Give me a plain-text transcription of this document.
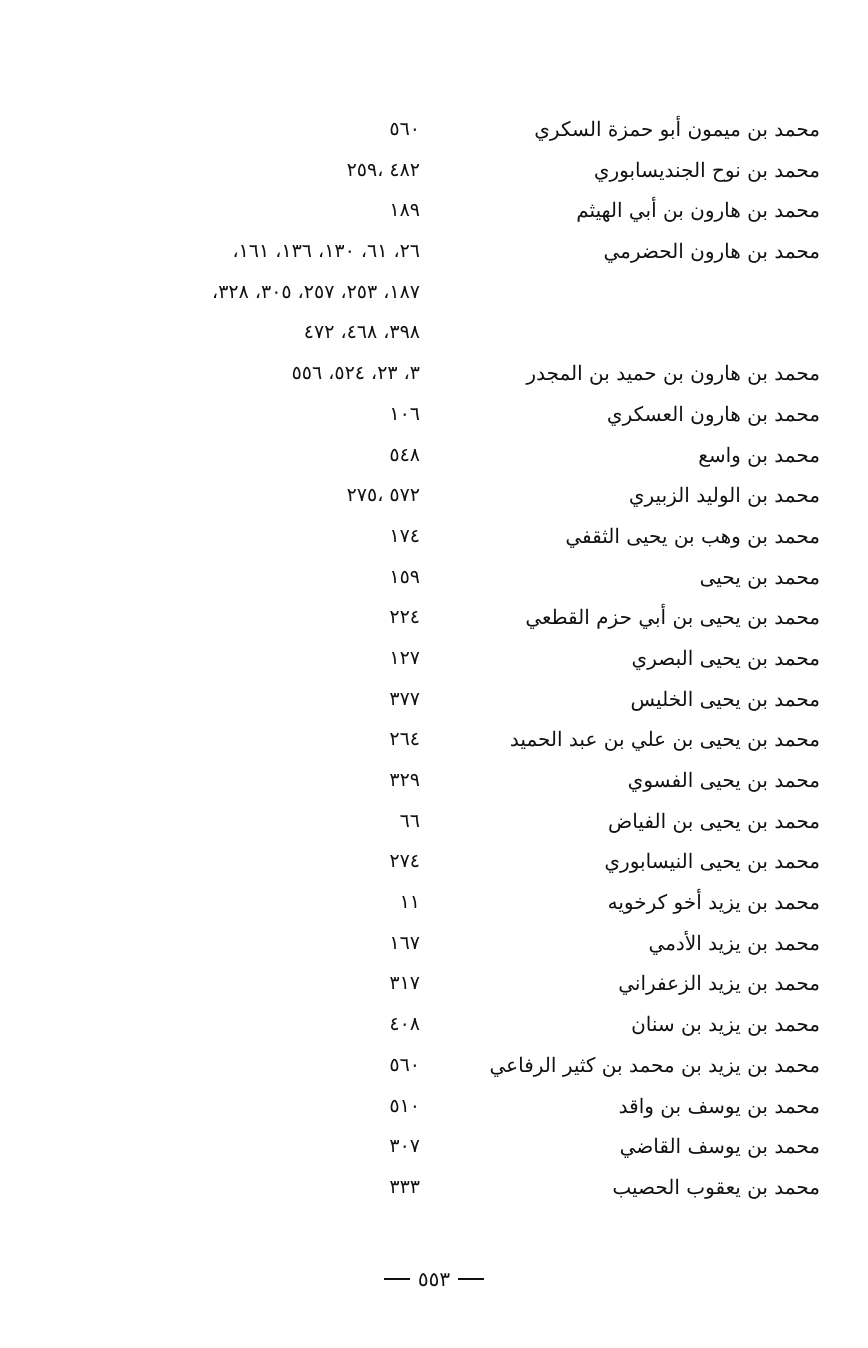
محمد بن ميمون أبو حمزة السكري
٥٦٠
محمد بن نوح الجنديسابوري
٤٨٢ ،٢٥٩
محمد بن هارون بن أبي الهيثم
١٨٩
محمد بن هارون الحضرمي
٢٦، ٦١، ١٣٠، ١٣٦، ١٦١،
١٨٧، ٢٥٣، ٢٥٧، ٣٠٥، ٣٢٨،
٣٩٨، ٤٦٨، ٤٧٢
محمد بن هارون بن حميد بن المجدر
٣، ٢٣، ٥٢٤، ٥٥٦
محمد بن هارون العسكري
١٠٦
محمد بن واسع
٥٤٨
محمد بن الوليد الزبيري
٥٧٢ ،٢٧٥
محمد بن وهب بن يحيى الثقفي
١٧٤
محمد بن يحيى
١٥٩
محمد بن يحيى بن أبي حزم القطعي
٢٢٤
محمد بن يحيى البصري
١٢٧
محمد بن يحيى الخليس
٣٧٧
محمد بن يحيى بن علي بن عبد الحميد
٢٦٤
محمد بن يحيى الفسوي
٣٢٩
محمد بن يحيى بن الفياض
٦٦
محمد بن يحيى النيسابوري
٢٧٤
محمد بن يزيد أخو كرخويه
١١
محمد بن يزيد الأدمي
١٦٧
محمد بن يزيد الزعفراني
٣١٧
محمد بن يزيد بن سنان
٤٠٨
محمد بن يزيد بن محمد بن كثير الرفاعي
٥٦٠
محمد بن يوسف بن واقد
٥١٠
محمد بن يوسف القاضي
٣٠٧
محمد بن يعقوب الحصيب
٣٣٣
٥٥٣
